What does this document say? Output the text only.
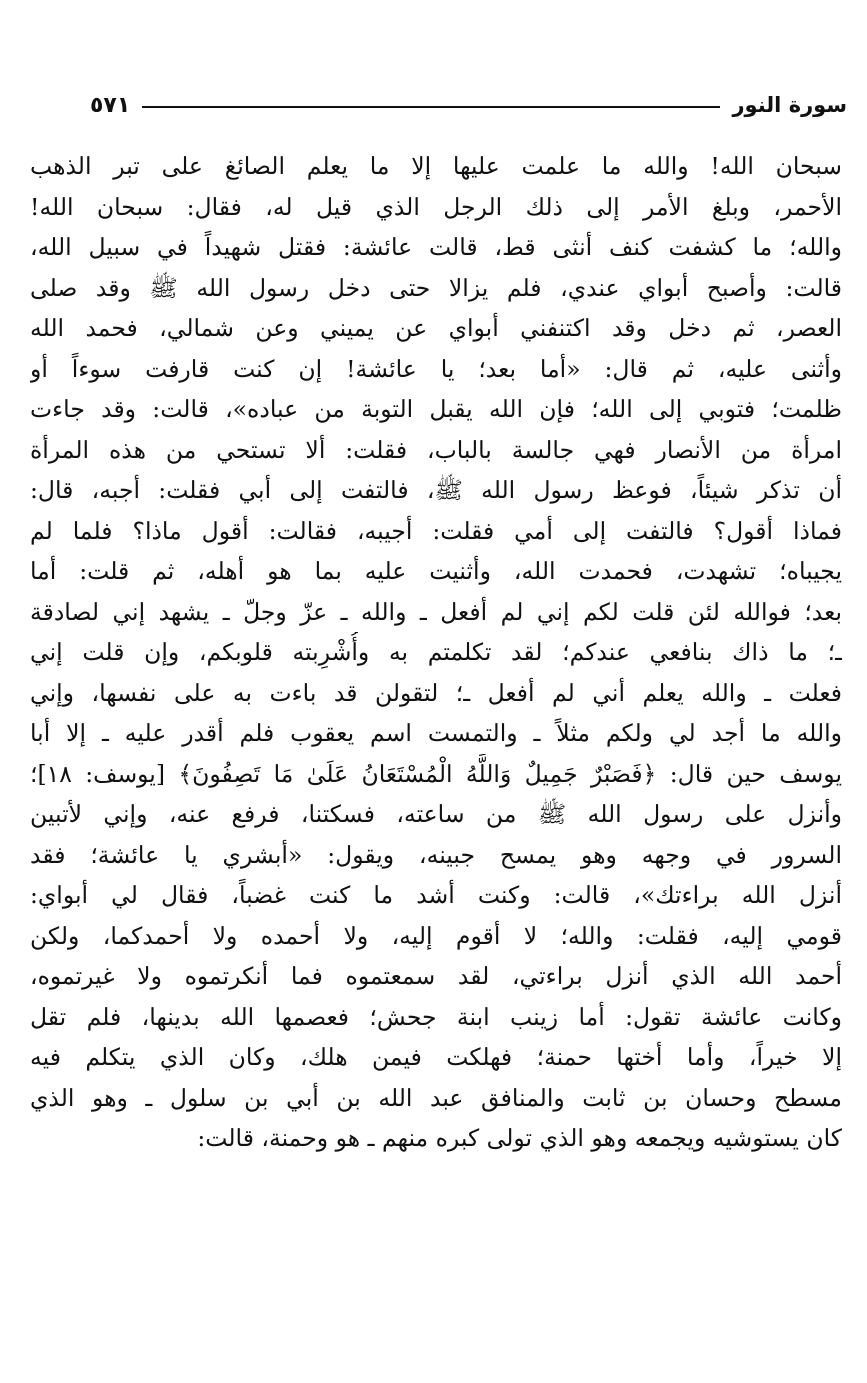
سورة النور
٥٧١
سبحان الله! والله ما علمت عليها إلا ما يعلم الصائغ على تبر الذهب
الأحمر، وبلغ الأمر إلى ذلك الرجل الذي قيل له، فقال: سبحان الله!
والله؛ ما كشفت كنف أنثى قط، قالت عائشة: فقتل شهيداً في سبيل الله،
قالت: وأصبح أبواي عندي، فلم يزالا حتى دخل رسول الله ﷺ وقد صلى
العصر، ثم دخل وقد اكتنفني أبواي عن يميني وعن شمالي، فحمد الله
وأثنى عليه، ثم قال: «أما بعد؛ يا عائشة! إن كنت قارفت سوءاً أو
ظلمت؛ فتوبي إلى الله؛ فإن الله يقبل التوبة من عباده»، قالت: وقد جاءت
امرأة من الأنصار فهي جالسة بالباب، فقلت: ألا تستحي من هذه المرأة
أن تذكر شيئاً، فوعظ رسول الله ﷺ، فالتفت إلى أبي فقلت: أجبه، قال:
فماذا أقول؟ فالتفت إلى أمي فقلت: أجيبه، فقالت: أقول ماذا؟ فلما لم
يجيباه؛ تشهدت، فحمدت الله، وأثنيت عليه بما هو أهله، ثم قلت: أما
بعد؛ فوالله لئن قلت لكم إني لم أفعل ـ والله ـ عزّ وجلّ ـ يشهد إني لصادقة
ـ؛ ما ذاك بنافعي عندكم؛ لقد تكلمتم به وأُشْرِبته قلوبكم، وإن قلت إني
فعلت ـ والله يعلم أني لم أفعل ـ؛ لتقولن قد باءت به على نفسها، وإني
والله ما أجد لي ولكم مثلاً ـ والتمست اسم يعقوب فلم أقدر عليه ـ إلا أبا
يوسف حين قال: ﴿فَصَبْرٌ جَمِيلٌ وَاللَّهُ الْمُسْتَعَانُ عَلَىٰ مَا تَصِفُونَ﴾ [يوسف: ١٨]؛
وأنزل على رسول الله ﷺ من ساعته، فسكتنا، فرفع عنه، وإني لأتبين
السرور في وجهه وهو يمسح جبينه، ويقول: «أبشري يا عائشة؛ فقد
أنزل الله براءتك»، قالت: وكنت أشد ما كنت غضباً، فقال لي أبواي:
قومي إليه، فقلت: والله؛ لا أقوم إليه، ولا أحمده ولا أحمدكما، ولكن
أحمد الله الذي أنزل براءتي، لقد سمعتموه فما أنكرتموه ولا غيرتموه،
وكانت عائشة تقول: أما زينب ابنة جحش؛ فعصمها الله بدينها، فلم تقل
إلا خيراً، وأما أختها حمنة؛ فهلكت فيمن هلك، وكان الذي يتكلم فيه
مسطح وحسان بن ثابت والمنافق عبد الله بن أبي بن سلول ـ وهو الذي
كان يستوشيه ويجمعه وهو الذي تولى كبره منهم ـ هو وحمنة، قالت:
